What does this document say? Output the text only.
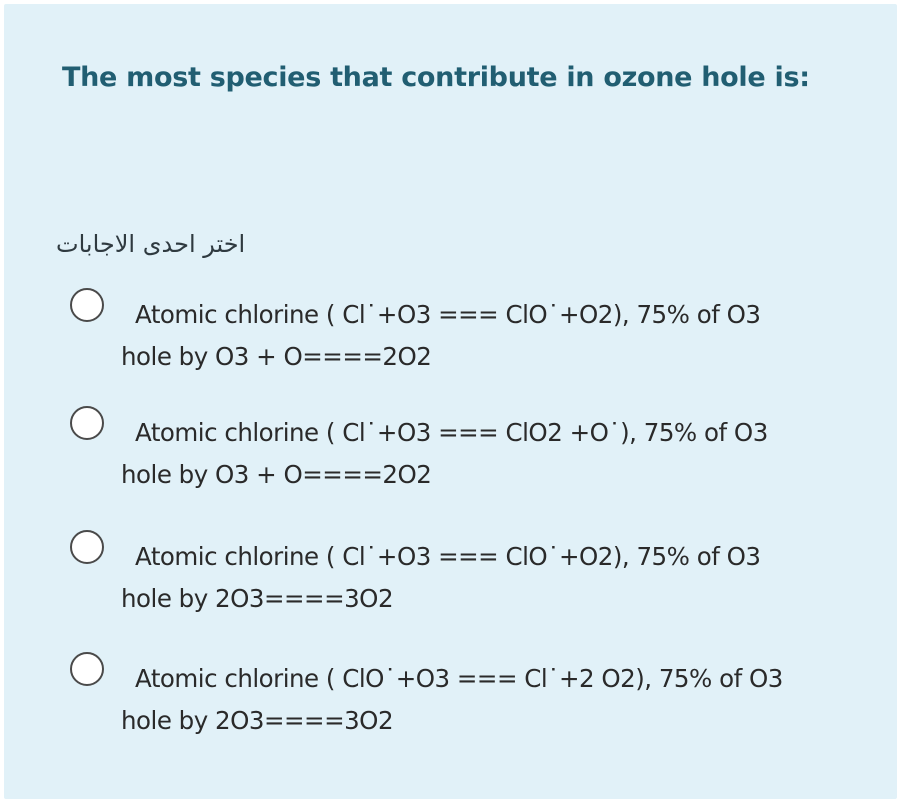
The most species that contribute in ozone hole is:

اختر احدى الاجابات

Atomic chlorine ( Cl˙+O3 === ClO˙+O2), 75% of O3
hole by O3 + O====2O2
Atomic chlorine ( Cl˙+O3 === ClO2 +O˙), 75% of O3
hole by O3 + O====2O2
Atomic chlorine ( Cl˙+O3 === ClO˙+O2), 75% of O3
hole by 2O3====3O2
Atomic chlorine ( ClO˙+O3 === Cl˙+2 O2), 75% of O3
hole by 2O3====3O2
